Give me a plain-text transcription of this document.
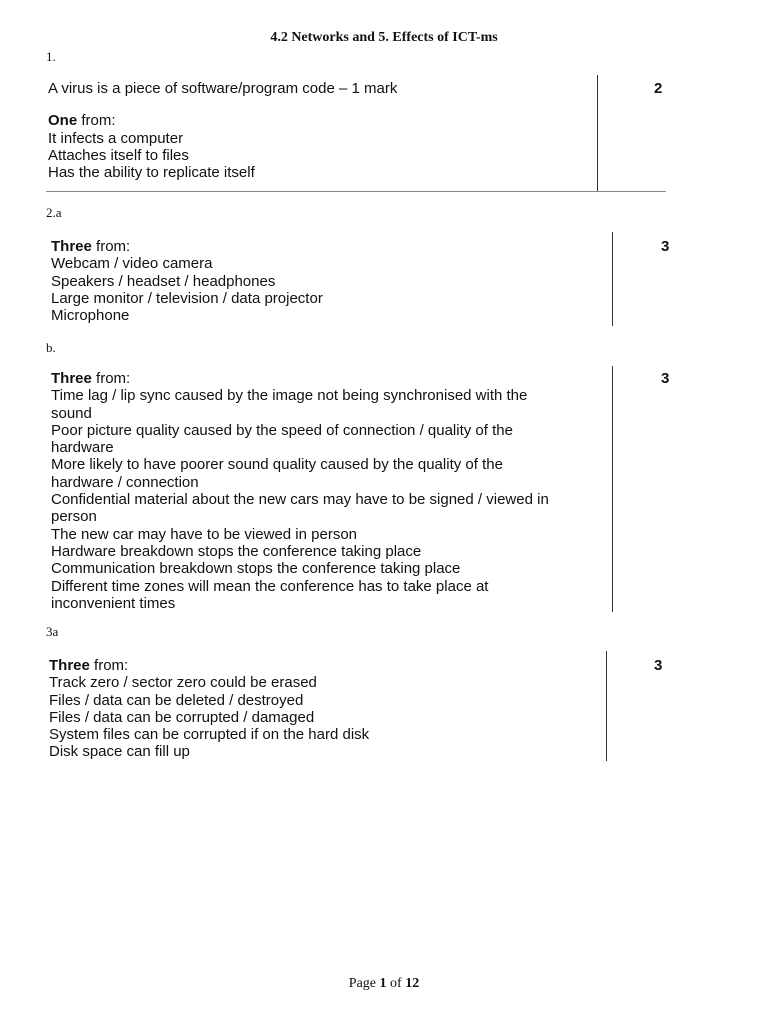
4.2 Networks and 5. Effects of ICT-ms
1.
A virus is a piece of software/program code – 1 mark
One from:
It infects a computer
Attaches itself to files
Has the ability to replicate itself
2
2.a
Three from:
Webcam / video camera
Speakers / headset / headphones
Large monitor / television / data projector
Microphone
3
b.
Three from:
Time lag / lip sync caused by the image not being synchronised with the
sound
Poor picture quality caused by the speed of connection / quality of the
hardware
More likely to have poorer sound quality caused by the quality of the
hardware / connection
Confidential material about the new cars may have to be signed / viewed in
person
The new car may have to be viewed in person
Hardware breakdown stops the conference taking place
Communication breakdown stops the conference taking place
Different time zones will mean the conference has to take place at
inconvenient times
3
3a
Three from:
Track zero / sector zero could be erased
Files / data can be deleted / destroyed
Files / data can be corrupted / damaged
System files can be corrupted if on the hard disk
Disk space can fill up
3
Page 1 of 12
